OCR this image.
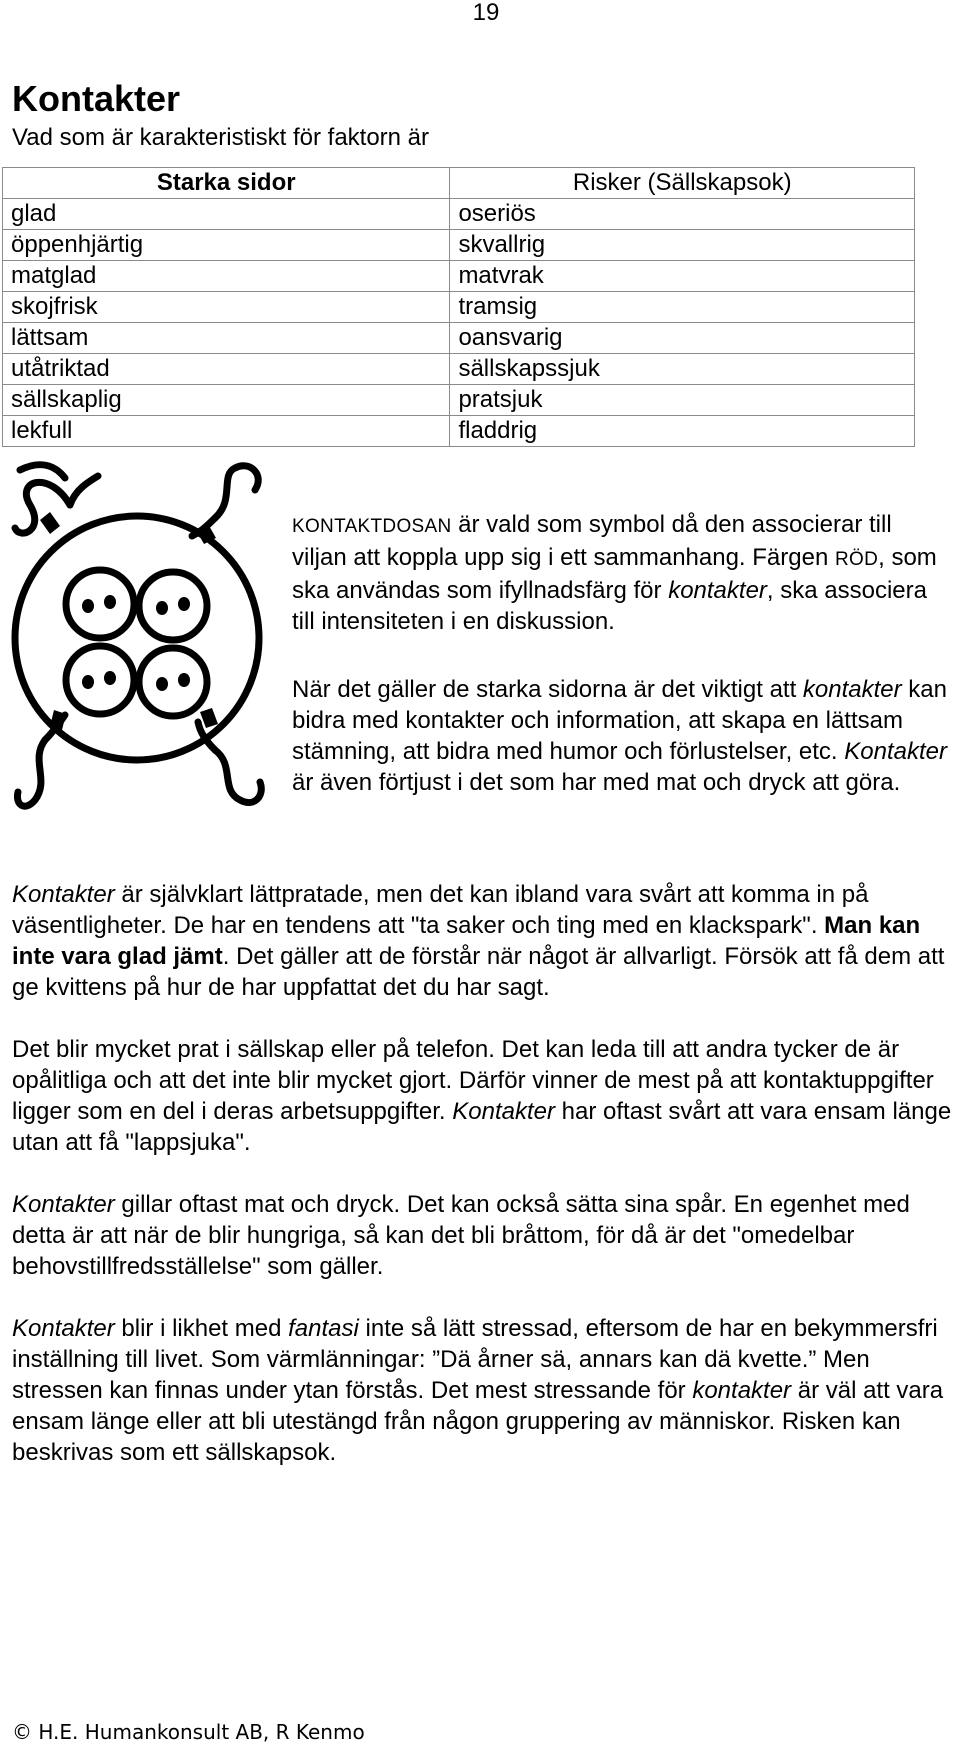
19
Kontakter

Vad som är karakteristiskt för faktorn är

Starka sidor	Risker (Sällskapsok)
glad	oseriös
öppenhjärtig	skvallrig
matglad	matvrak
skojfrisk	tramsig
lättsam	oansvarig
utåtriktad	sällskapssjuk
sällskaplig	pratsjuk
lekfull	fladdrig

KONTAKTDOSAN är vald som symbol då den associerar till viljan att koppla upp sig i ett sammanhang. Färgen RÖD, som ska användas som ifyllnadsfärg för kontakter, ska associera till intensiteten i en diskussion.

När det gäller de starka sidorna är det viktigt att kontakter kan bidra med kontakter och information, att skapa en lättsam stämning, att bidra med humor och förlustelser, etc. Kontakter är även förtjust i det som har med mat och dryck att göra.

Kontakter är självklart lättpratade, men det kan ibland vara svårt att komma in på väsentligheter. De har en tendens att "ta saker och ting med en klackspark". Man kan inte vara glad jämt. Det gäller att de förstår när något är allvarligt. Försök att få dem att ge kvittens på hur de har uppfattat det du har sagt.

Det blir mycket prat i sällskap eller på telefon. Det kan leda till att andra tycker de är opålitliga och att det inte blir mycket gjort. Därför vinner de mest på att kontaktuppgifter ligger som en del i deras arbetsuppgifter. Kontakter har oftast svårt att vara ensam länge utan att få "lappsjuka".

Kontakter gillar oftast mat och dryck. Det kan också sätta sina spår. En egenhet med detta är att när de blir hungriga, så kan det bli bråttom, för då är det "omedelbar behovstillfredsställelse" som gäller.

Kontakter blir i likhet med fantasi inte så lätt stressad, eftersom de har en bekymmersfri inställning till livet. Som värmlänningar: ”Dä årner sä, annars kan dä kvette.” Men stressen kan finnas under ytan förstås. Det mest stressande för kontakter är väl att vara ensam länge eller att bli utestängd från någon gruppering av människor. Risken kan beskrivas som ett sällskapsok.

© H.E. Humankonsult AB, R Kenmo
